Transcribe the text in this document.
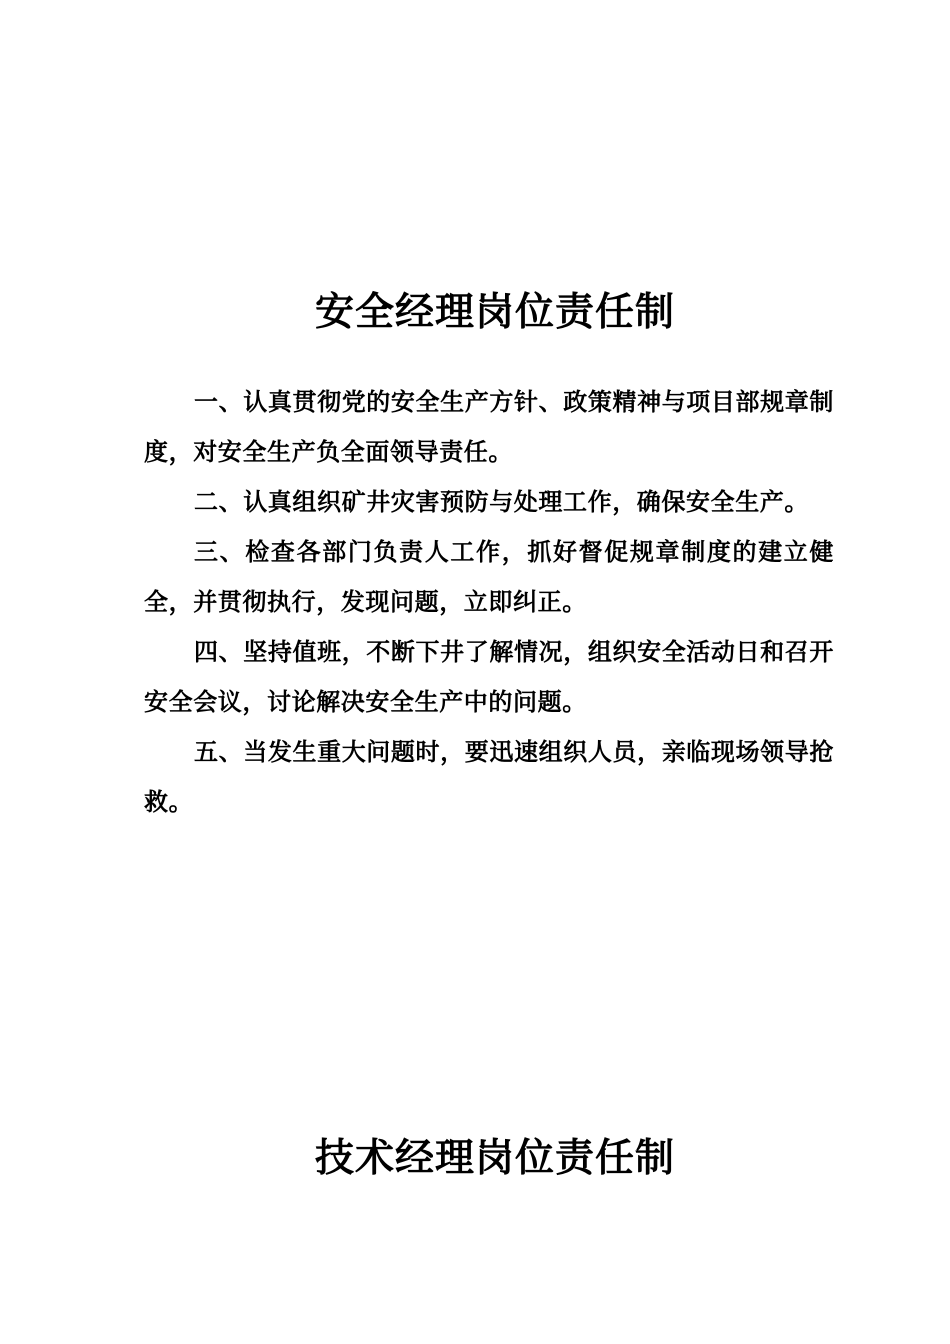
安全经理岗位责任制

一、认真贯彻党的安全生产方针、政策精神与项目部规章制度，对安全生产负全面领导责任。

二、认真组织矿井灾害预防与处理工作，确保安全生产。

三、检查各部门负责人工作，抓好督促规章制度的建立健全，并贯彻执行，发现问题，立即纠正。

四、坚持值班，不断下井了解情况，组织安全活动日和召开安全会议，讨论解决安全生产中的问题。

五、当发生重大问题时，要迅速组织人员，亲临现场领导抢救。

技术经理岗位责任制
